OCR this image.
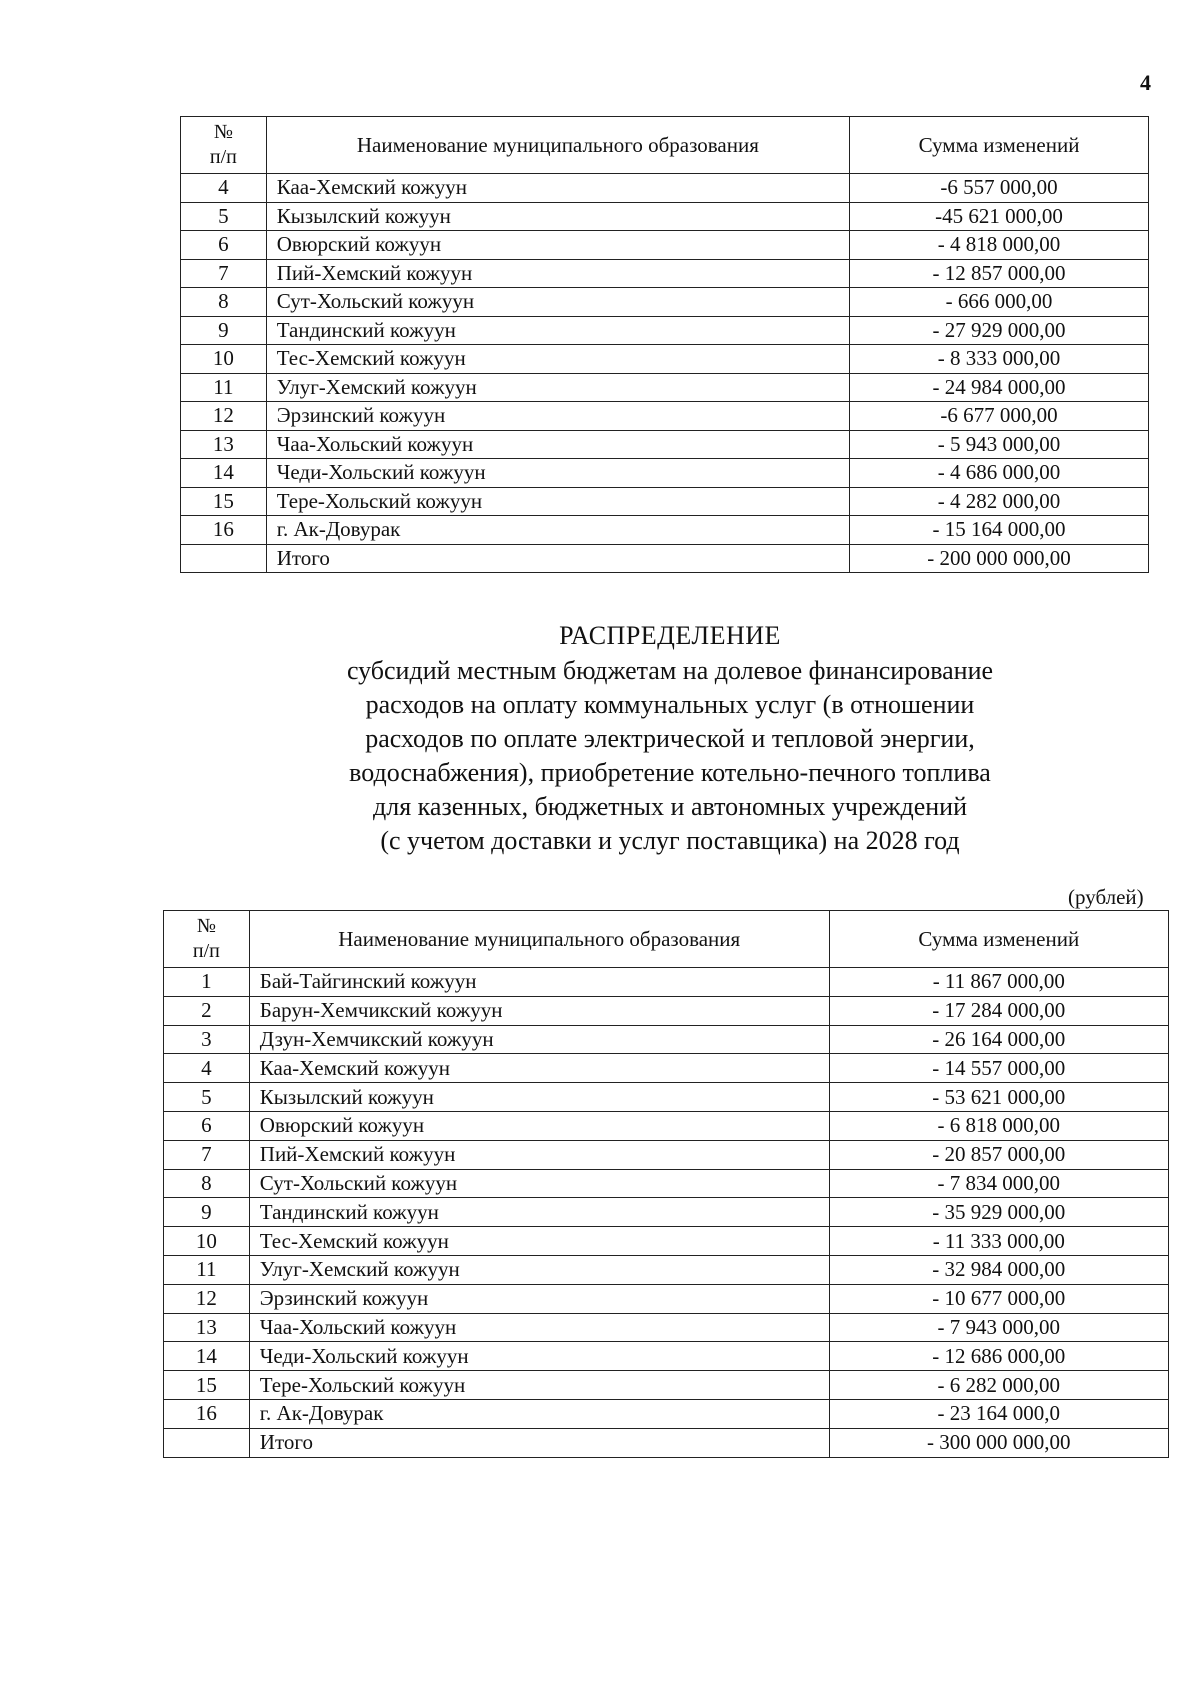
4
№
п/п	Наименование муниципального образования	Сумма изменений
4	Каа-Хемский кожуун	-6 557 000,00
5	Кызылский кожуун	-45 621 000,00
6	Овюрский кожуун	- 4 818 000,00
7	Пий-Хемский кожуун	- 12 857 000,00
8	Сут-Хольский кожуун	- 666 000,00
9	Тандинский кожуун	- 27 929 000,00
10	Тес-Хемский кожуун	- 8 333 000,00
11	Улуг-Хемский кожуун	- 24 984 000,00
12	Эрзинский кожуун	-6 677 000,00
13	Чаа-Хольский кожуун	- 5 943 000,00
14	Чеди-Хольский кожуун	- 4 686 000,00
15	Тере-Хольский кожуун	- 4 282 000,00
16	г. Ак-Довурак	- 15 164 000,00
	Итого	- 200 000 000,00
РАСПРЕДЕЛЕНИЕ
субсидий местным бюджетам на долевое финансирование
расходов на оплату коммунальных услуг (в отношении
расходов по оплате электрической и тепловой энергии,
водоснабжения), приобретение котельно-печного топлива
для казенных, бюджетных и автономных учреждений
(с учетом доставки и услуг поставщика) на 2028 год
(рублей)
№
п/п	Наименование муниципального образования	Сумма изменений
1	Бай-Тайгинский кожуун	- 11 867 000,00
2	Барун-Хемчикский кожуун	- 17 284 000,00
3	Дзун-Хемчикский кожуун	- 26 164 000,00
4	Каа-Хемский кожуун	- 14 557 000,00
5	Кызылский кожуун	- 53 621 000,00
6	Овюрский кожуун	- 6 818 000,00
7	Пий-Хемский кожуун	- 20 857 000,00
8	Сут-Хольский кожуун	- 7 834 000,00
9	Тандинский кожуун	- 35 929 000,00
10	Тес-Хемский кожуун	- 11 333 000,00
11	Улуг-Хемский кожуун	- 32 984 000,00
12	Эрзинский кожуун	- 10 677 000,00
13	Чаа-Хольский кожуун	- 7 943 000,00
14	Чеди-Хольский кожуун	- 12 686 000,00
15	Тере-Хольский кожуун	- 6 282 000,00
16	г. Ак-Довурак	- 23 164 000,0
	Итого	- 300 000 000,00
